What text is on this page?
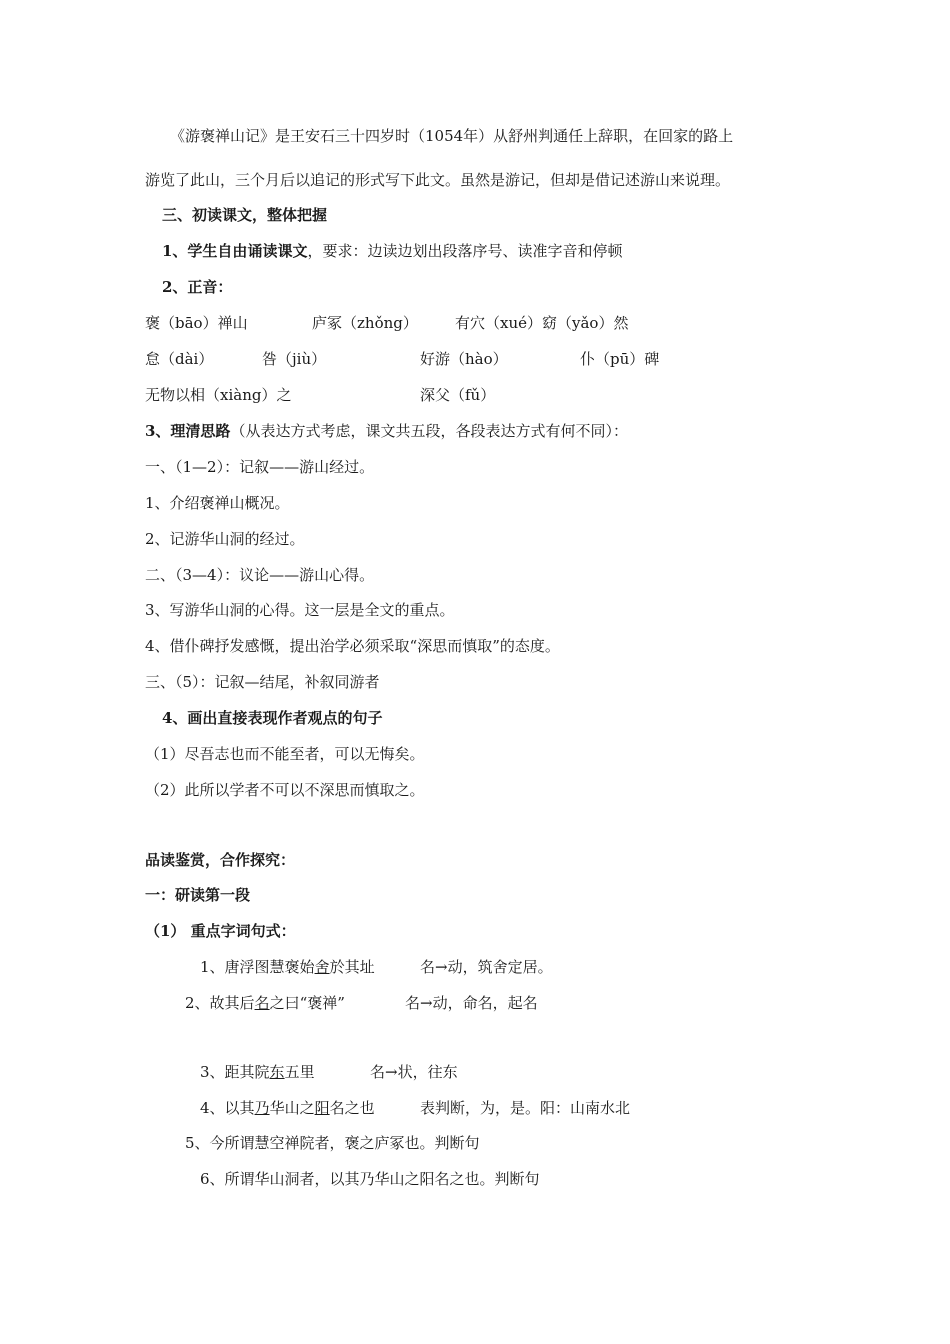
《游褒禅山记》是王安石三十四岁时（1054年）从舒州判通任上辞职，在回家的路上
游览了此山，三个月后以追记的形式写下此文。虽然是游记，但却是借记述游山来说理。
三、初读课文，整体把握
1、学生自由诵读课文，要求：边读边划出段落序号、读准字音和停顿
2、正音：
褒（bāo）禅山	庐冢（zhǒng） 有穴（xué）窈（yǎo）然
怠（dài）	咎（jiù）	好游（hào）	仆（pū）碑
无物以相（xiàng）之	深父（fǔ）
3、理清思路（从表达方式考虑，课文共五段，各段表达方式有何不同）：
一、（1—2）：记叙——游山经过。
1、介绍褒禅山概况。
2、记游华山洞的经过。
二、（3—4）：议论——游山心得。
3、写游华山洞的心得。这一层是全文的重点。
4、借仆碑抒发感慨，提出治学必须采取“深思而慎取”的态度。
三、（5）：记叙—结尾，补叙同游者
4、画出直接表现作者观点的句子
（1）尽吾志也而不能至者，可以无悔矣。
（2）此所以学者不可以不深思而慎取之。
品读鉴赏，合作探究：
一：研读第一段
（1） 重点字词句式：
1、唐浮图慧褒始舍於其址	名→动，筑舍定居。
2、故其后名之曰“褒禅”	名→动，命名，起名
3、距其院东五里	名→状，往东
4、以其乃华山之阳名之也	表判断，为，是。阳：山南水北
5、今所谓慧空禅院者，褒之庐冢也。判断句
6、所谓华山洞者，以其乃华山之阳名之也。判断句
